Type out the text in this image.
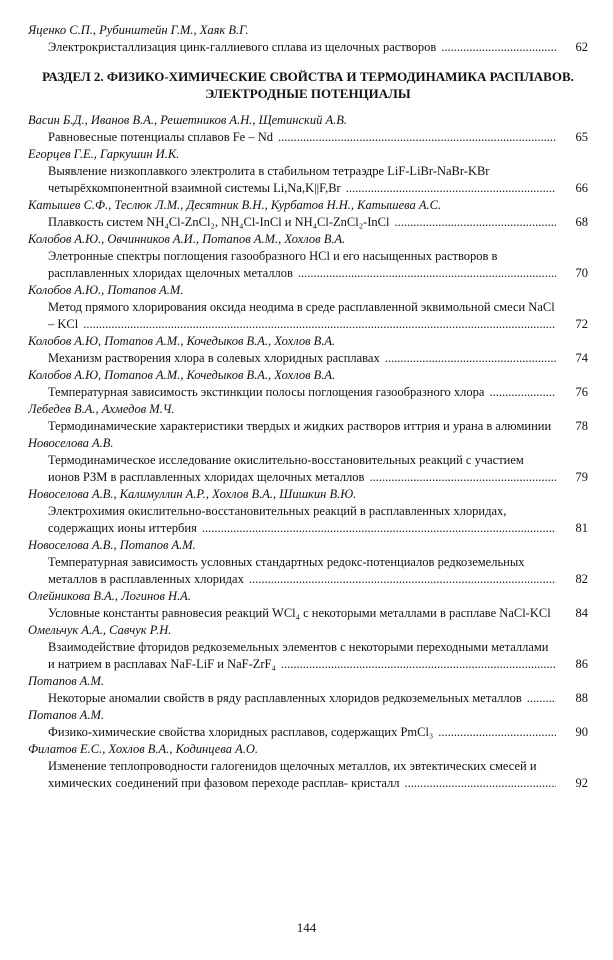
Яценко С.П., Рубинштейн Г.М., Хаяк В.Г.
Электрокристаллизация цинк-галлиевого сплава из щелочных растворов .....	62
РАЗДЕЛ 2. ФИЗИКО-ХИМИЧЕСКИЕ СВОЙСТВА И ТЕРМОДИНАМИКА РАСПЛАВОВ. ЭЛЕКТРОДНЫЕ ПОТЕНЦИАЛЫ
Васин Б.Д., Иванов В.А., Решетников А.Н., Щетинский А.В.
Равновесные потенциалы сплавов Fe – Nd .....	65
Егорцев Г.Е., Гаркушин И.К.
Выявление низкоплавкого электролита в стабильном тетраэдре LiF-LiBr-NaBr-KBr четырёхкомпонентной взаимной системы Li,Na,K||F,Br .....	66
Катышев С.Ф., Теслюк Л.М., Десятник В.Н., Курбатов Н.Н., Катышева А.С.
Плавкость систем NH₄Cl-ZnCl₂, NH₄Cl-InCl и NH₄Cl-ZnCl₂-InCl .....	68
Колобов А.Ю., Овчинников А.И., Потапов А.М., Хохлов В.А.
Элетронные спектры поглощения газообразного HCl и его насыщенных растворов в расплавленных хлоридах щелочных металлов .....	70
Колобов А.Ю., Потапов А.М.
Метод прямого хлорирования оксида неодима в среде расплавленной эквимольной смеси NaCl – KCl .....	72
Колобов А.Ю, Потапов А.М., Кочедыков В.А., Хохлов В.А.
Механизм растворения хлора в солевых хлоридных расплавах .....	74
Колобов А.Ю, Потапов А.М., Кочедыков В.А., Хохлов В.А.
Температурная зависимость экстинкции полосы поглощения газообразного хлора .....	76
Лебедев В.А., Ахмедов М.Ч.
Термодинамические характеристики твердых и жидких растворов иттрия и урана в алюминии .....	78
Новоселова А.В.
Термодинамическое исследование окислительно-восстановительных реакций с участием ионов РЗМ в расплавленных хлоридах щелочных металлов .....	79
Новоселова А.В., Калимуллин А.Р., Хохлов В.А., Шишкин В.Ю.
Электрохимия окислительно-восстановительных реакций в расплавленных хлоридах, содержащих ионы иттербия .....	81
Новоселова А.В., Потапов А.М.
Температурная зависимость условных стандартных редокс-потенциалов редкоземельных металлов в расплавленных хлоридах .....	82
Олейникова В.А., Логинов Н.А.
Условные константы равновесия реакций WCl₄ с некоторыми металлами в расплаве NaCl-KCl .....	84
Омельчук А.А., Савчук Р.Н.
Взаимодействие фторидов редкоземельных элементов с некоторыми переходными металлами и натрием в расплавах NaF-LiF и NaF-ZrF₄ .....	86
Потапов А.М.
Некоторые аномалии свойств в ряду расплавленных хлоридов редкоземельных металлов .....	88
Потапов А.М.
Физико-химические свойства хлоридных расплавов, содержащих PmCl₃ .....	90
Филатов Е.С., Хохлов В.А., Кодинцева А.О.
Изменение теплопроводности галогенидов щелочных металлов, их эвтектических смесей и химических соединений при фазовом переходе расплав- кристалл .....	92
144
